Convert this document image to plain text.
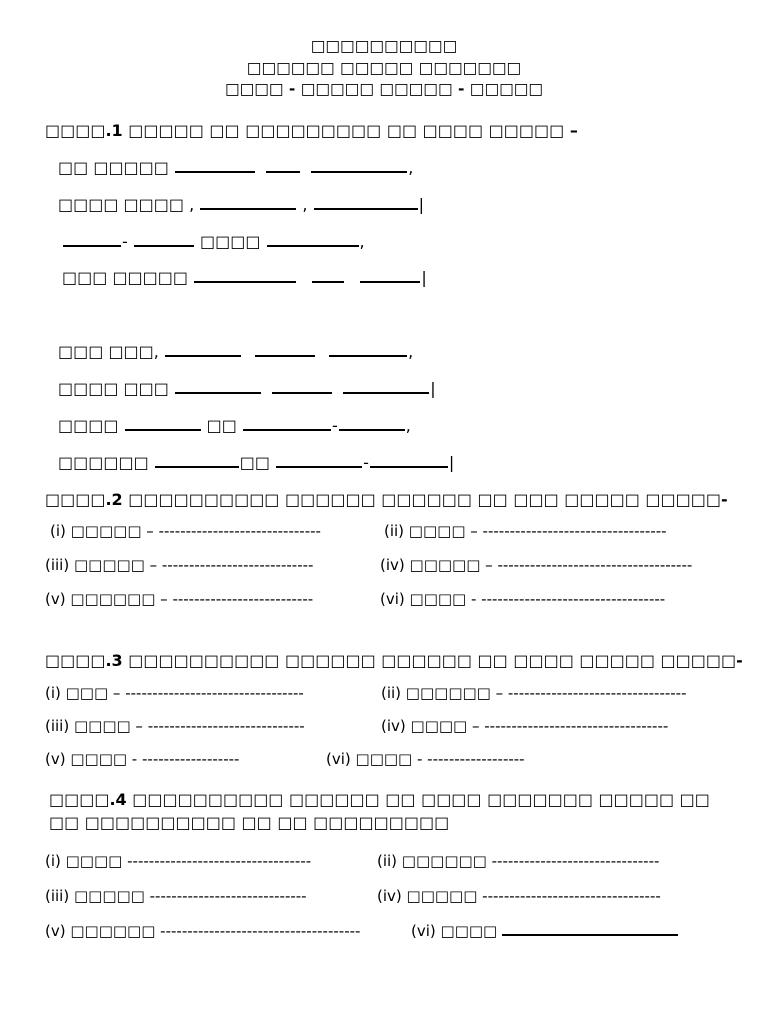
□□□□□□□□□□
□□□□□□ □□□□□ □□□□□□□
□□□□ - □□□□□ □□□□□ - □□□□□
□□□□.1 □□□□□ □□ □□□□□□□□□ □□ □□□□ □□□□□ –
□□ □□□□□	,
□□□□ □□□□ ,	,	|
-	□□□□	,
□□□ □□□□□	|
□□□ □□□,	,
□□□□ □□□	|
□□□□	□□	-	,
□□□□□□	□□	-	|
□□□□.2 □□□□□□□□□□ □□□□□□ □□□□□□ □□ □□□ □□□□□ □□□□□-
(i) □□□□□ – ------------------------------	(ii) □□□□ – ----------------------------------
(iii) □□□□□ – ----------------------------	(iv) □□□□□ – ------------------------------------
(v) □□□□□□ – --------------------------	(vi) □□□□ - ----------------------------------
□□□□.3 □□□□□□□□□□ □□□□□□ □□□□□□ □□ □□□□ □□□□□ □□□□□-
(i) □□□ – ---------------------------------	(ii) □□□□□□ – ---------------------------------
(iii) □□□□ – -----------------------------	(iv) □□□□ – ----------------------------------
(v) □□□□ - ------------------	(vi) □□□□ - ------------------
□□□□.4 □□□□□□□□□□ □□□□□□ □□ □□□□ □□□□□□□ □□□□□ □□ □□ □□□□□□□□□□ □□ □□ □□□□□□□□□
(i) □□□□ ----------------------------------	(ii) □□□□□□ -------------------------------
(iii) □□□□□ -----------------------------	(iv) □□□□□ ---------------------------------
(v) □□□□□□ -------------------------------------	(vi) □□□□
